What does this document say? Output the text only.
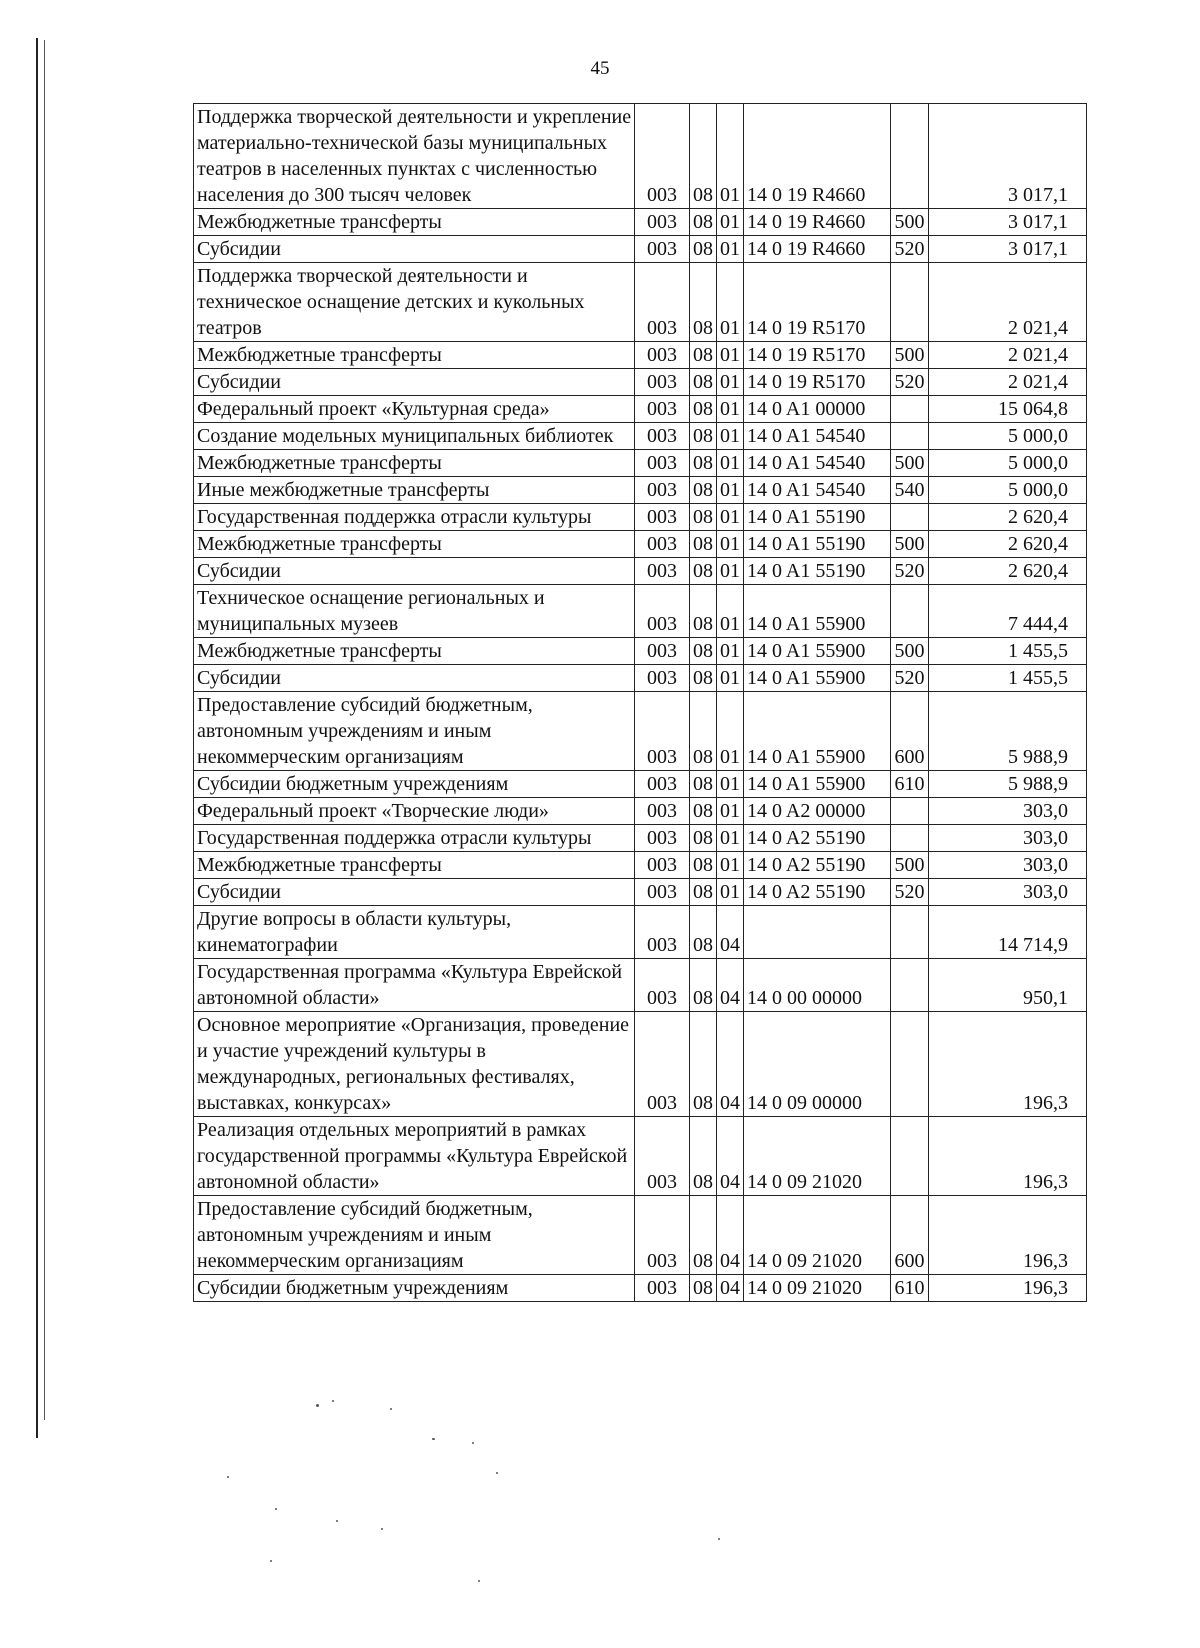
45
Поддержка творческой деятельности и укрепление материально-технической базы муниципальных театров в населенных пунктах с численностью населения до 300 тысяч человек	003	08	01	14 0 19 R4660		3 017,1
Межбюджетные трансферты	003	08	01	14 0 19 R4660	500	3 017,1
Субсидии	003	08	01	14 0 19 R4660	520	3 017,1
Поддержка творческой деятельности и техническое оснащение детских и кукольных театров	003	08	01	14 0 19 R5170		2 021,4
Межбюджетные трансферты	003	08	01	14 0 19 R5170	500	2 021,4
Субсидии	003	08	01	14 0 19 R5170	520	2 021,4
Федеральный проект «Культурная среда»	003	08	01	14 0 A1 00000		15 064,8
Создание модельных муниципальных библиотек	003	08	01	14 0 A1 54540		5 000,0
Межбюджетные трансферты	003	08	01	14 0 A1 54540	500	5 000,0
Иные межбюджетные трансферты	003	08	01	14 0 A1 54540	540	5 000,0
Государственная поддержка отрасли культуры	003	08	01	14 0 A1 55190		2 620,4
Межбюджетные трансферты	003	08	01	14 0 A1 55190	500	2 620,4
Субсидии	003	08	01	14 0 A1 55190	520	2 620,4
Техническое оснащение региональных и муниципальных музеев	003	08	01	14 0 A1 55900		7 444,4
Межбюджетные трансферты	003	08	01	14 0 A1 55900	500	1 455,5
Субсидии	003	08	01	14 0 A1 55900	520	1 455,5
Предоставление субсидий бюджетным, автономным учреждениям и иным некоммерческим организациям	003	08	01	14 0 A1 55900	600	5 988,9
Субсидии бюджетным учреждениям	003	08	01	14 0 A1 55900	610	5 988,9
Федеральный проект «Творческие люди»	003	08	01	14 0 A2 00000		303,0
Государственная поддержка отрасли культуры	003	08	01	14 0 A2 55190		303,0
Межбюджетные трансферты	003	08	01	14 0 A2 55190	500	303,0
Субсидии	003	08	01	14 0 A2 55190	520	303,0
Другие вопросы в области культуры, кинематографии	003	08	04			14 714,9
Государственная программа «Культура Еврейской автономной области»	003	08	04	14 0 00 00000		950,1
Основное мероприятие «Организация, проведение и участие учреждений культуры в международных, региональных фестивалях, выставках, конкурсах»	003	08	04	14 0 09 00000		196,3
Реализация отдельных мероприятий в рамках государственной программы «Культура Еврейской автономной области»	003	08	04	14 0 09 21020		196,3
Предоставление субсидий бюджетным, автономным учреждениям и иным некоммерческим организациям	003	08	04	14 0 09 21020	600	196,3
Субсидии бюджетным учреждениям	003	08	04	14 0 09 21020	610	196,3
